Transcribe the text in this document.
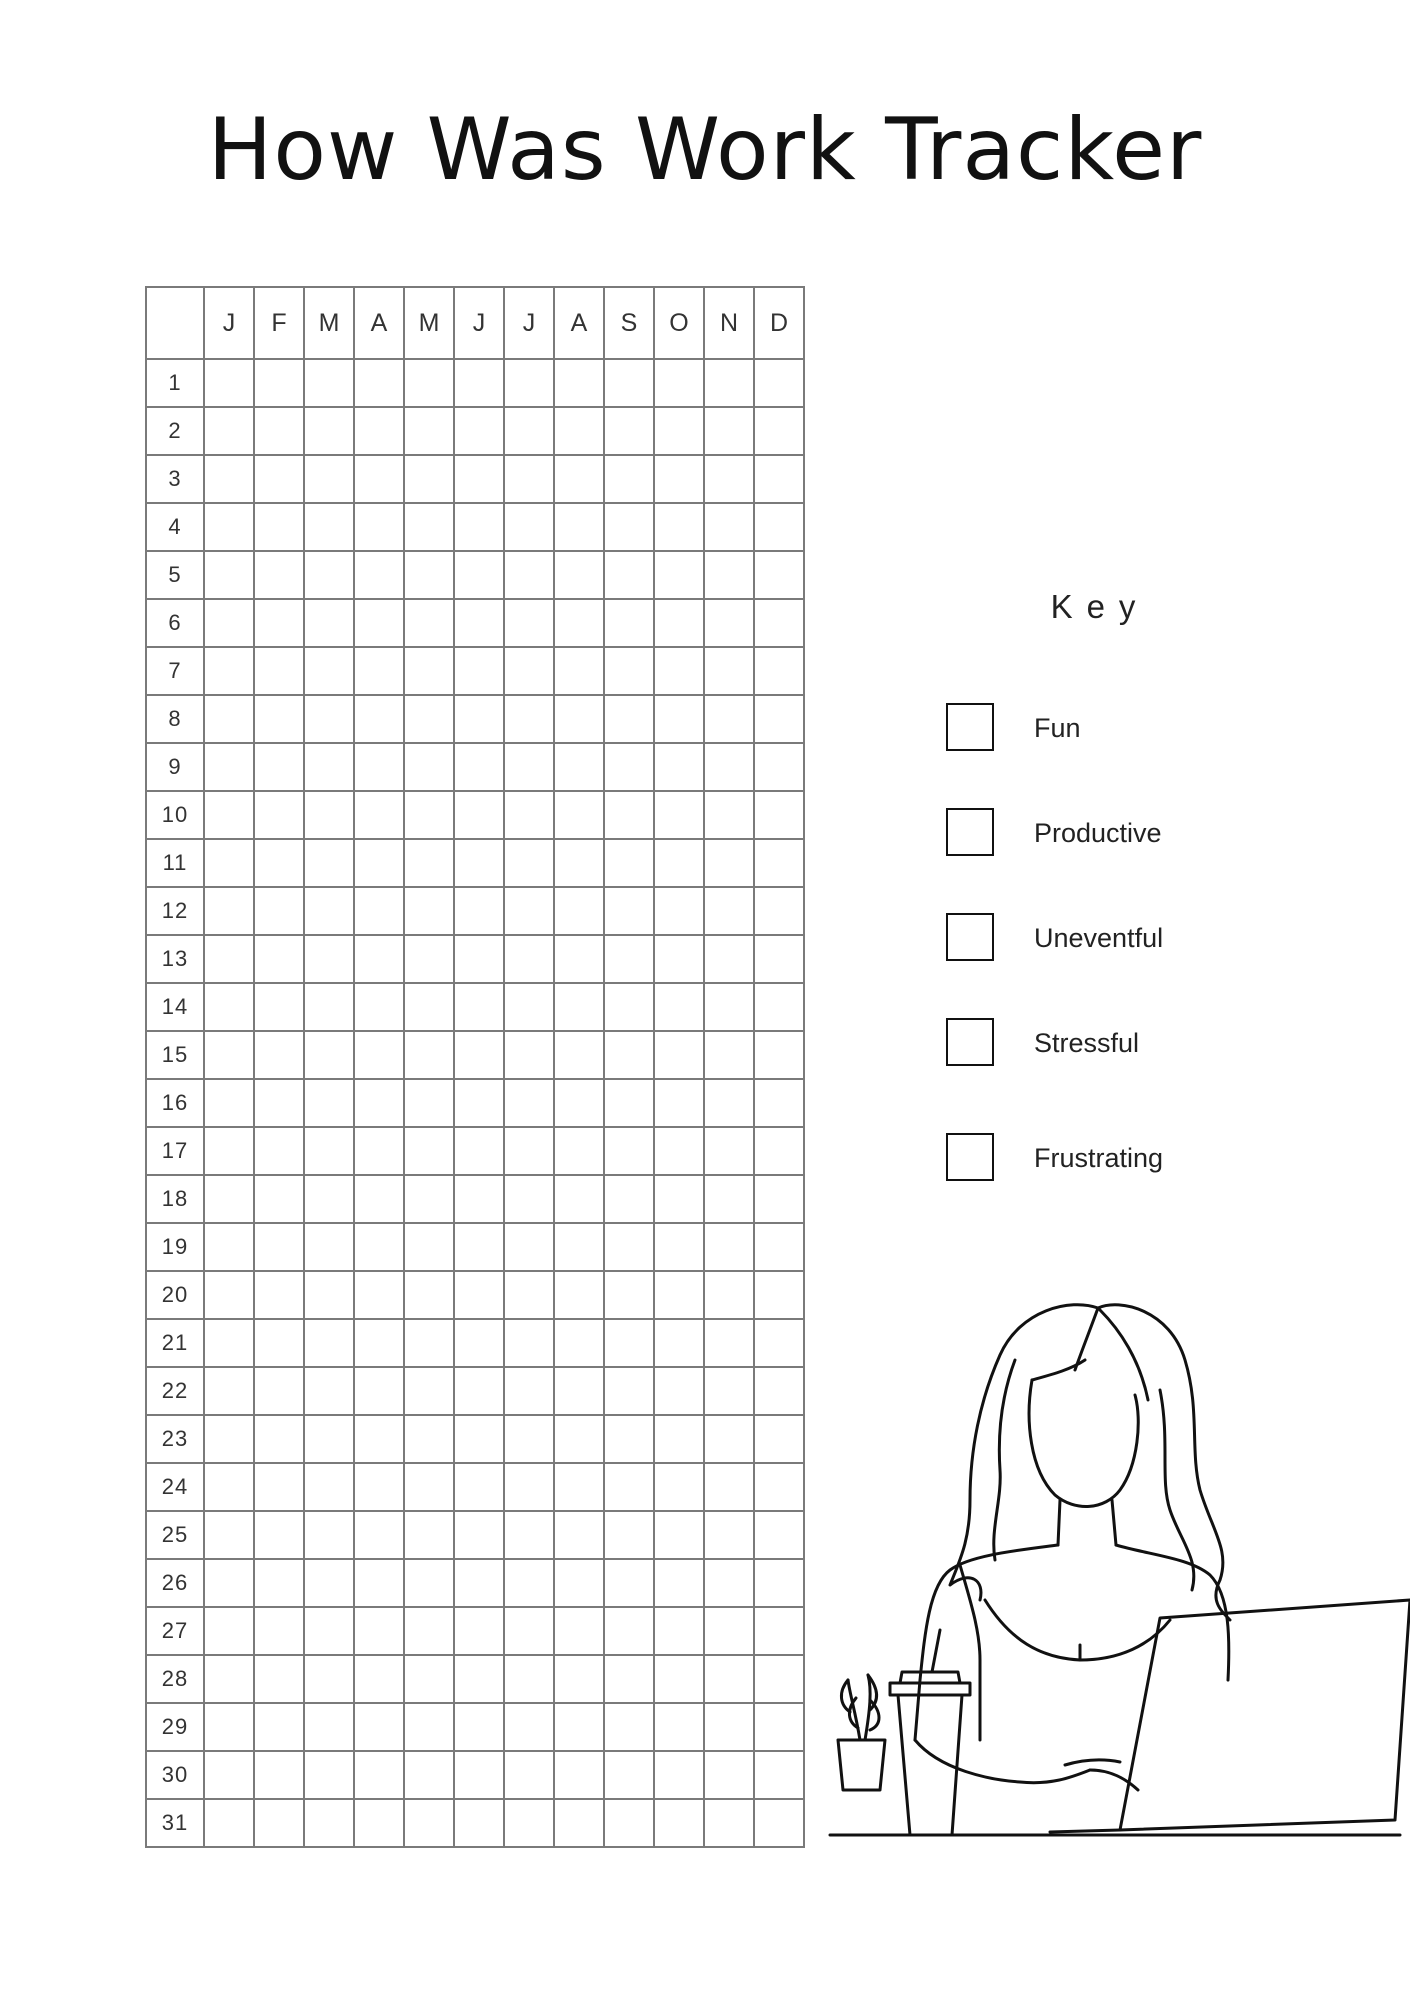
How Was Work Tracker
	J	F	M	A	M	J	J	A	S	O	N	D
1												
2												
3												
4												
5												
6												
7												
8												
9												
10												
11												
12												
13												
14												
15												
16												
17												
18												
19												
20												
21												
22												
23												
24												
25												
26												
27												
28												
29												
30												
31												
Key
Fun
Productive
Uneventful
Stressful
Frustrating
